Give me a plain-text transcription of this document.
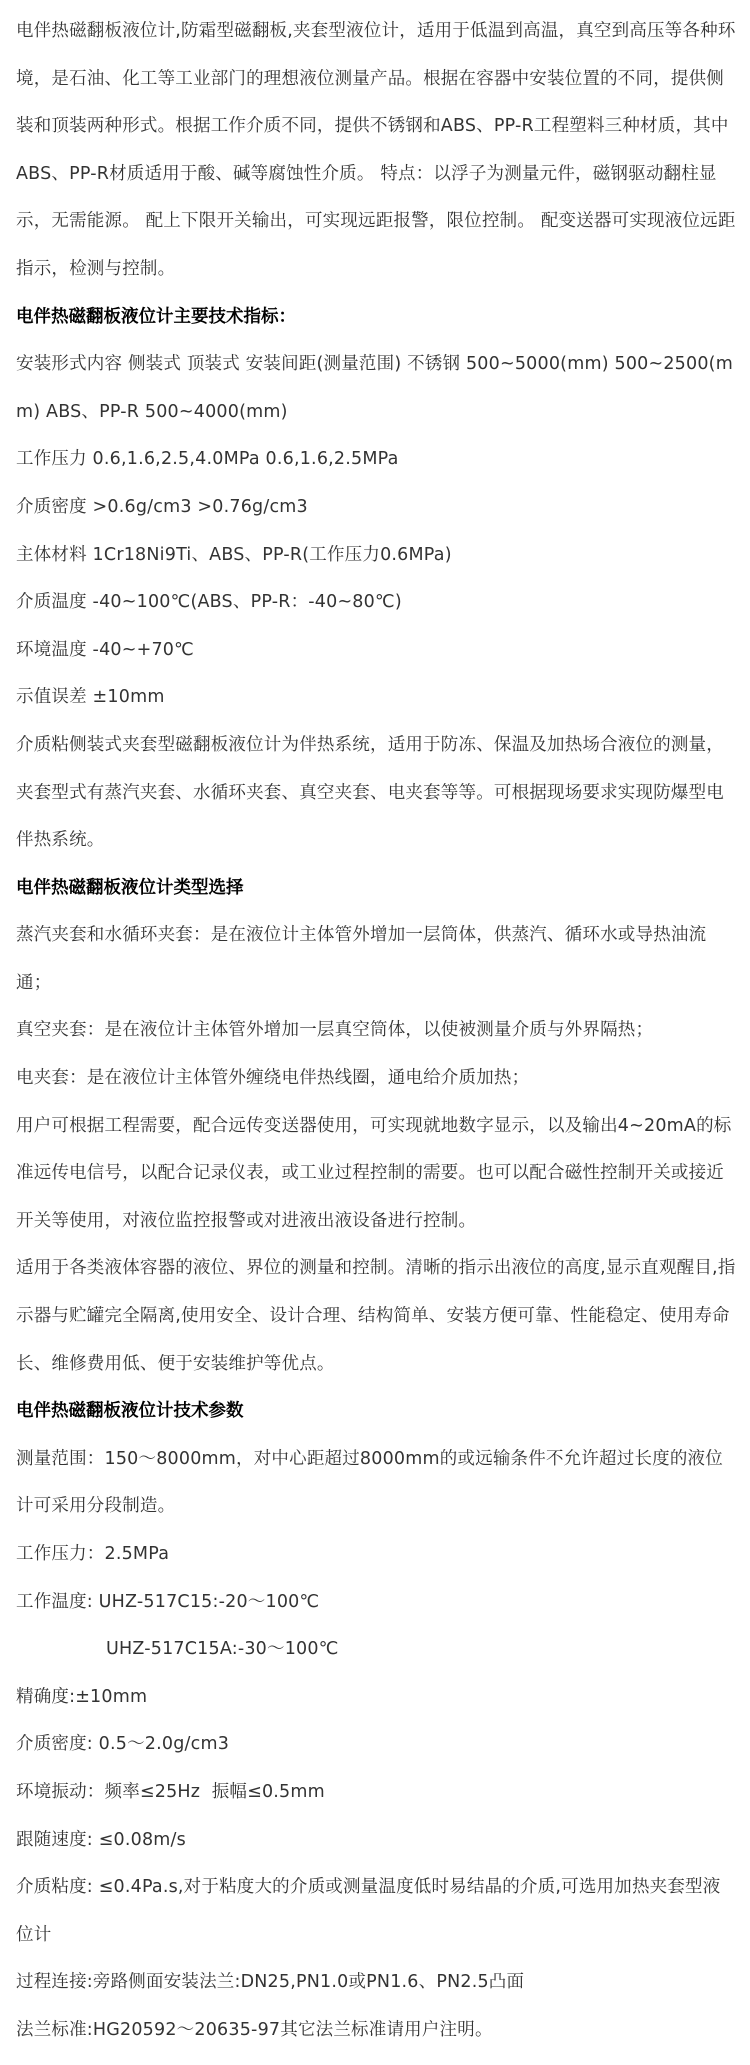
电伴热磁翻板液位计,防霜型磁翻板,夹套型液位计，适用于低温到高温，真空到高压等各种环境，是石油、化工等工业部门的理想液位测量产品。根据在容器中安装位置的不同，提供侧装和顶装两种形式。根据工作介质不同，提供不锈钢和ABS、PP-R工程塑料三种材质，其中ABS、PP-R材质适用于酸、碱等腐蚀性介质。 特点：以浮子为测量元件，磁钢驱动翻柱显示，无需能源。 配上下限开关输出，可实现远距报警，限位控制。 配变送器可实现液位远距指示，检测与控制。

电伴热磁翻板液位计主要技术指标：

安装形式内容 侧装式 顶装式 安装间距(测量范围) 不锈钢 500~5000(mm) 500~2500(mm) ABS、PP-R 500~4000(mm)

工作压力 0.6,1.6,2.5,4.0MPa 0.6,1.6,2.5MPa

介质密度 >0.6g/cm3 >0.76g/cm3

主体材料 1Cr18Ni9Ti、ABS、PP-R(工作压力0.6MPa)

介质温度 -40~100℃(ABS、PP-R：-40~80℃)

环境温度 -40~+70℃

示值误差 ±10mm

介质粘侧装式夹套型磁翻板液位计为伴热系统，适用于防冻、保温及加热场合液位的测量，夹套型式有蒸汽夹套、水循环夹套、真空夹套、电夹套等等。可根据现场要求实现防爆型电伴热系统。

电伴热磁翻板液位计类型选择

蒸汽夹套和水循环夹套：是在液位计主体管外增加一层筒体，供蒸汽、循环水或导热油流通；

真空夹套：是在液位计主体管外增加一层真空筒体，以使被测量介质与外界隔热；

电夹套：是在液位计主体管外缠绕电伴热线圈，通电给介质加热；

用户可根据工程需要，配合远传变送器使用，可实现就地数字显示，以及输出4~20mA的标准远传电信号，以配合记录仪表，或工业过程控制的需要。也可以配合磁性控制开关或接近开关等使用，对液位监控报警或对进液出液设备进行控制。

适用于各类液体容器的液位、界位的测量和控制。清晰的指示出液位的高度,显示直观醒目,指示器与贮罐完全隔离,使用安全、设计合理、结构简单、安装方便可靠、性能稳定、使用寿命长、维修费用低、便于安装维护等优点。

电伴热磁翻板液位计技术参数

测量范围：150～8000mm，对中心距超过8000mm的或远输条件不允许超过长度的液位计可采用分段制造。

工作压力：2.5MPa

工作温度: UHZ-517C15:-20～100℃

UHZ-517C15A:-30～100℃

精确度:±10mm

介质密度: 0.5～2.0g/cm3

环境振动：频率≤25Hz  振幅≤0.5mm

跟随速度: ≤0.08m/s

介质粘度: ≤0.4Pa.s,对于粘度大的介质或测量温度低时易结晶的介质,可选用加热夹套型液位计

过程连接:旁路侧面安装法兰:DN25,PN1.0或PN1.6、PN2.5凸面

法兰标准:HG20592～20635-97其它法兰标准请用户注明。
